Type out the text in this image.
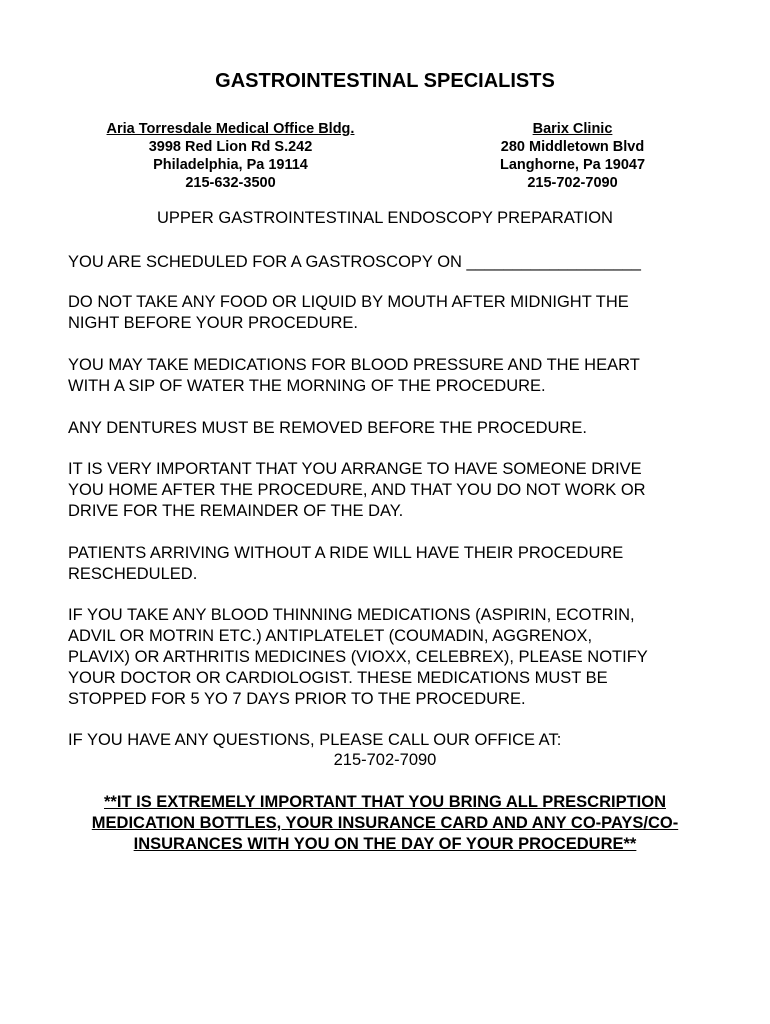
GASTROINTESTINAL SPECIALISTS
Aria Torresdale Medical Office Bldg.
3998 Red Lion Rd S.242
Philadelphia, Pa 19114
215-632-3500
Barix Clinic
280 Middletown Blvd
Langhorne, Pa 19047
215-702-7090
UPPER GASTROINTESTINAL ENDOSCOPY PREPARATION
YOU ARE SCHEDULED FOR A GASTROSCOPY ON ___________________
DO NOT TAKE ANY FOOD OR LIQUID BY MOUTH AFTER MIDNIGHT THE
NIGHT BEFORE YOUR PROCEDURE.
YOU MAY TAKE MEDICATIONS FOR BLOOD PRESSURE AND THE HEART
WITH A SIP OF WATER THE MORNING OF THE PROCEDURE.
ANY DENTURES MUST BE REMOVED BEFORE THE PROCEDURE.
IT IS VERY IMPORTANT THAT YOU ARRANGE TO HAVE SOMEONE DRIVE
YOU HOME AFTER THE PROCEDURE, AND THAT YOU DO NOT WORK OR
DRIVE FOR THE REMAINDER OF THE DAY.
PATIENTS ARRIVING WITHOUT A RIDE WILL HAVE THEIR PROCEDURE
RESCHEDULED.
IF YOU TAKE ANY BLOOD THINNING MEDICATIONS (ASPIRIN, ECOTRIN,
ADVIL OR MOTRIN ETC.) ANTIPLATELET (COUMADIN, AGGRENOX,
PLAVIX) OR ARTHRITIS MEDICINES (VIOXX, CELEBREX), PLEASE NOTIFY
YOUR DOCTOR OR CARDIOLOGIST. THESE MEDICATIONS MUST BE
STOPPED FOR 5 YO 7 DAYS PRIOR TO THE PROCEDURE.
IF YOU HAVE ANY QUESTIONS, PLEASE CALL OUR OFFICE AT:
215-702-7090
**IT IS EXTREMELY IMPORTANT THAT YOU BRING ALL PRESCRIPTION
MEDICATION BOTTLES, YOUR INSURANCE CARD AND ANY CO-PAYS/CO-
INSURANCES WITH YOU ON THE DAY OF YOUR PROCEDURE**
